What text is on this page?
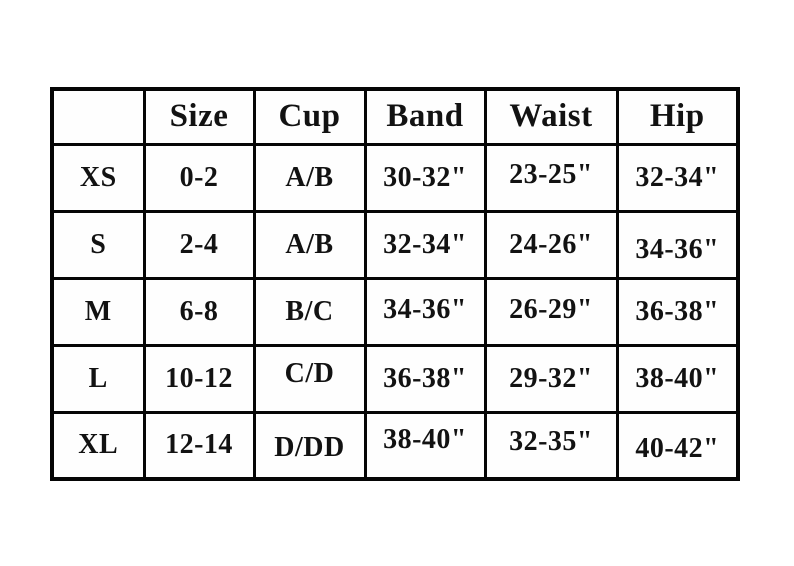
	Size	Cup	Band	Waist	Hip
XS	0-2	A/B	30-32"	23-25"	32-34"
S	2-4	A/B	32-34"	24-26"	34-36"
M	6-8	B/C	34-36"	26-29"	36-38"
L	10-12	C/D	36-38"	29-32"	38-40"
XL	12-14	D/DD	38-40"	32-35"	40-42"
